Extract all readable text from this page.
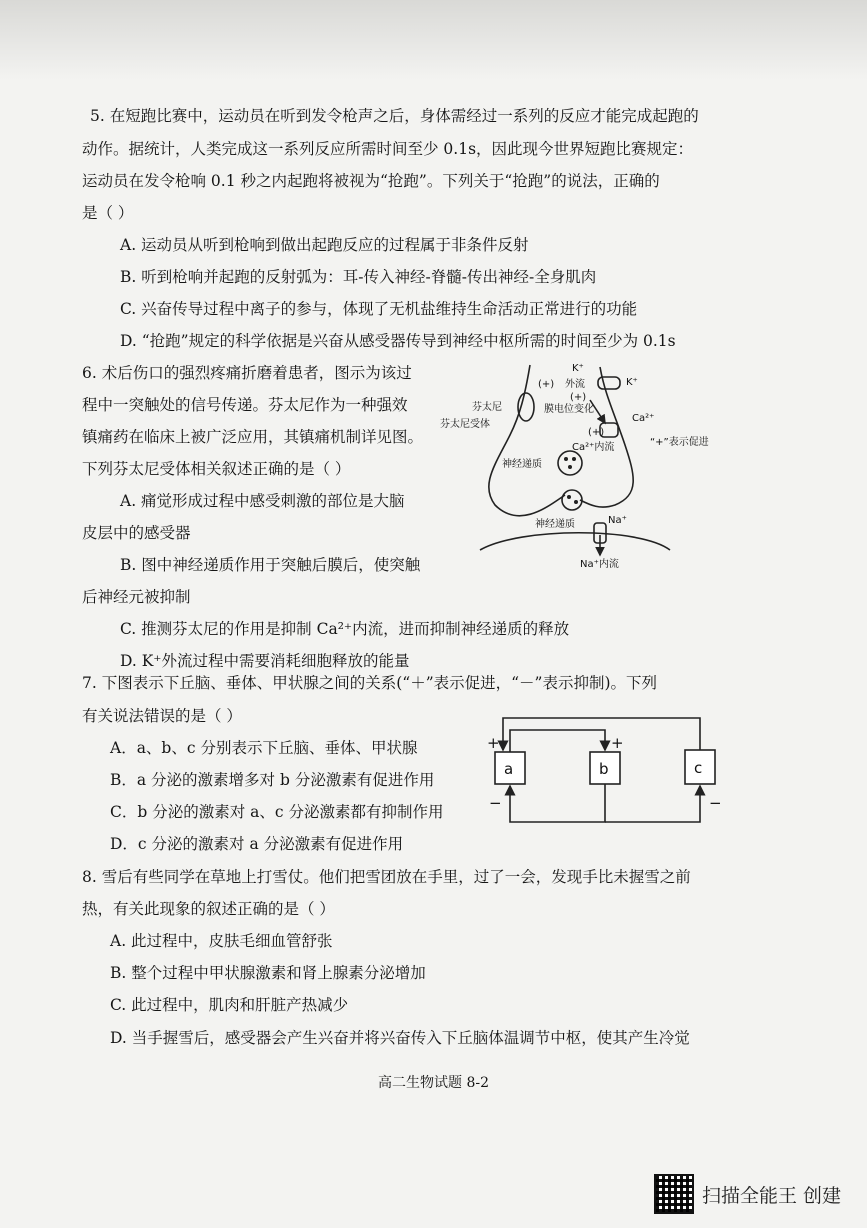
5. 在短跑比赛中，运动员在听到发令枪声之后，身体需经过一系列的反应才能完成起跑的
动作。据统计，人类完成这一系列反应所需时间至少 0.1s，因此现今世界短跑比赛规定：
运动员在发令枪响 0.1 秒之内起跑将被视为“抢跑”。下列关于“抢跑”的说法，正确的
是（ ）
A. 运动员从听到枪响到做出起跑反应的过程属于非条件反射
B. 听到枪响并起跑的反射弧为：耳-传入神经-脊髓-传出神经-全身肌肉
C. 兴奋传导过程中离子的参与，体现了无机盐维持生命活动正常进行的功能
D. “抢跑”规定的科学依据是兴奋从感受器传导到神经中枢所需的时间至少为 0.1s
6. 术后伤口的强烈疼痛折磨着患者，图示为该过
程中一突触处的信号传递。芬太尼作为一种强效
镇痛药在临床上被广泛应用，其镇痛机制详见图。
下列芬太尼受体相关叙述正确的是（ ）
A. 痛觉形成过程中感受刺激的部位是大脑
皮层中的感受器
B. 图中神经递质作用于突触后膜后，使突触
后神经元被抑制
C. 推测芬太尼的作用是抑制 Ca²⁺内流，进而抑制神经递质的释放
D. K⁺外流过程中需要消耗细胞释放的能量
K⁺
(+) 外流	K⁺
(+)
芬太尼	膜电位变化
Ca²⁺
芬太尼受体
(+)
Ca²⁺内流	“+”表示促进
神经递质
神经递质	Na⁺
Na⁺内流
7. 下图表示下丘脑、垂体、甲状腺之间的关系(“＋”表示促进，“－”表示抑制)。下列
有关说法错误的是（ ）
A．a、b、c 分别表示下丘脑、垂体、甲状腺
B．a 分泌的激素增多对 b 分泌激素有促进作用
C．b 分泌的激素对 a、c 分泌激素都有抑制作用
D．c 分泌的激素对 a 分泌激素有促进作用
a	b	c
+	+
−	−
8. 雪后有些同学在草地上打雪仗。他们把雪团放在手里，过了一会，发现手比未握雪之前
热，有关此现象的叙述正确的是（ ）
A. 此过程中，皮肤毛细血管舒张
B. 整个过程中甲状腺激素和肾上腺素分泌增加
C. 此过程中，肌肉和肝脏产热减少
D. 当手握雪后，感受器会产生兴奋并将兴奋传入下丘脑体温调节中枢，使其产生冷觉
高二生物试题 8-2
扫描全能王 创建
